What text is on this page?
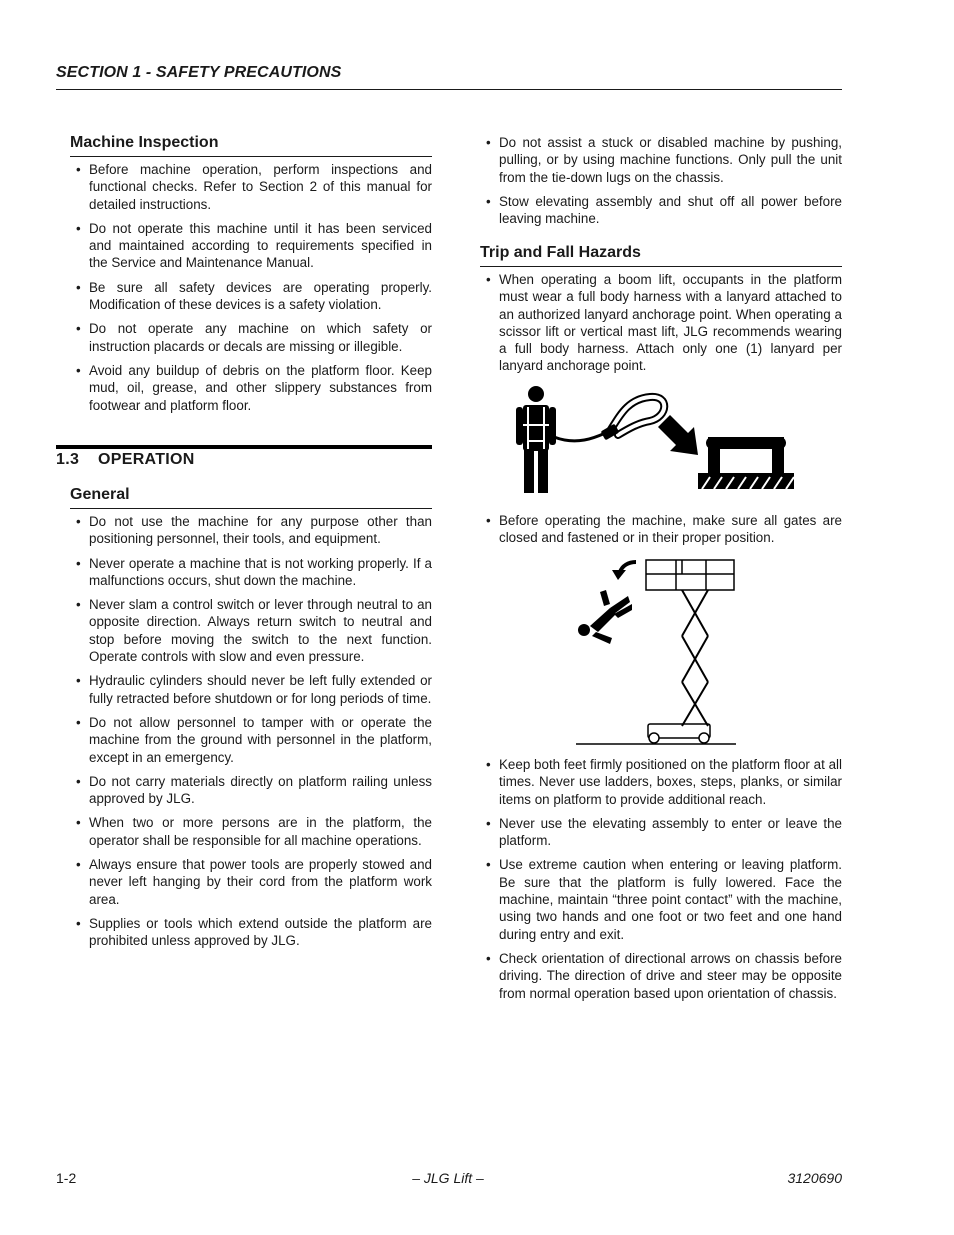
SECTION 1 - SAFETY PRECAUTIONS
Machine Inspection
• Before machine operation, perform inspections and functional checks. Refer to Section 2 of this manual for detailed instructions.
• Do not operate this machine until it has been serviced and maintained according to requirements specified in the Service and Maintenance Manual.
• Be sure all safety devices are operating properly. Modification of these devices is a safety violation.
• Do not operate any machine on which safety or instruction placards or decals are missing or illegible.
• Avoid any buildup of debris on the platform floor. Keep mud, oil, grease, and other slippery substances from footwear and platform floor.
1.3 OPERATION
General
• Do not use the machine for any purpose other than positioning personnel, their tools, and equipment.
• Never operate a machine that is not working properly. If a malfunctions occurs, shut down the machine.
• Never slam a control switch or lever through neutral to an opposite direction. Always return switch to neutral and stop before moving the switch to the next function. Operate controls with slow and even pressure.
• Hydraulic cylinders should never be left fully extended or fully retracted before shutdown or for long periods of time.
• Do not allow personnel to tamper with or operate the machine from the ground with personnel in the platform, except in an emergency.
• Do not carry materials directly on platform railing unless approved by JLG.
• When two or more persons are in the platform, the operator shall be responsible for all machine operations.
• Always ensure that power tools are properly stowed and never left hanging by their cord from the platform work area.
• Supplies or tools which extend outside the platform are prohibited unless approved by JLG.
• Do not assist a stuck or disabled machine by pushing, pulling, or by using machine functions. Only pull the unit from the tie-down lugs on the chassis.
• Stow elevating assembly and shut off all power before leaving machine.
Trip and Fall Hazards
• When operating a boom lift, occupants in the platform must wear a full body harness with a lanyard attached to an authorized lanyard anchorage point. When operating a scissor lift or vertical mast lift, JLG recommends wearing a full body harness. Attach only one (1) lanyard per lanyard anchorage point.
• Before operating the machine, make sure all gates are closed and fastened or in their proper position.
• Keep both feet firmly positioned on the platform floor at all times. Never use ladders, boxes, steps, planks, or similar items on platform to provide additional reach.
• Never use the elevating assembly to enter or leave the platform.
• Use extreme caution when entering or leaving platform. Be sure that the platform is fully lowered. Face the machine, maintain “three point contact” with the machine, using two hands and one foot or two feet and one hand during entry and exit.
• Check orientation of directional arrows on chassis before driving. The direction of drive and steer may be opposite from normal operation based upon orientation of chassis.
1-2	– JLG Lift –	3120690
